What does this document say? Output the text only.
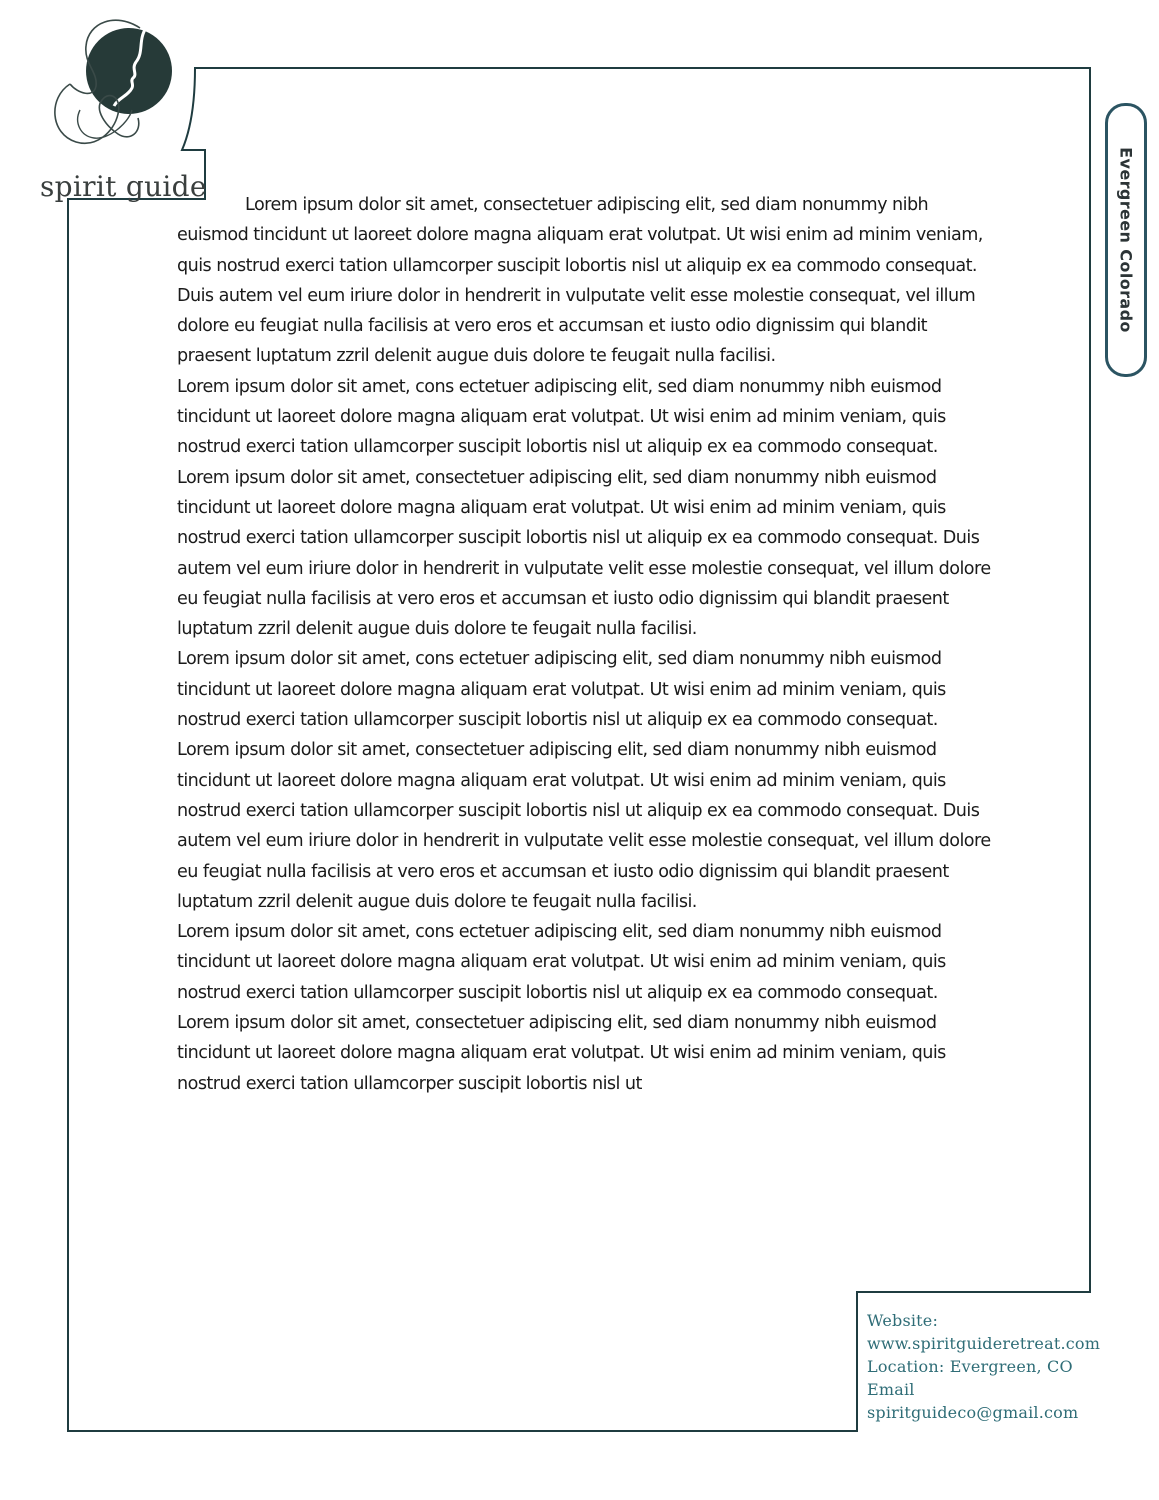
spirit guide	Evergreen Colorado

Lorem ipsum dolor sit amet, consectetuer adipiscing elit, sed diam nonummy nibh euismod tincidunt ut laoreet dolore magna aliquam erat volutpat. Ut wisi enim ad minim veniam, quis nostrud exerci tation ullamcorper suscipit lobortis nisl ut aliquip ex ea commodo consequat. Duis autem vel eum iriure dolor in hendrerit in vulputate velit esse molestie consequat, vel illum dolore eu feugiat nulla facilisis at vero eros et accumsan et iusto odio dignissim qui blandit praesent luptatum zzril delenit augue duis dolore te feugait nulla facilisi.

Lorem ipsum dolor sit amet, cons ectetuer adipiscing elit, sed diam nonummy nibh euismod tincidunt ut laoreet dolore magna aliquam erat volutpat. Ut wisi enim ad minim veniam, quis nostrud exerci tation ullamcorper suscipit lobortis nisl ut aliquip ex ea commodo consequat.

Lorem ipsum dolor sit amet, consectetuer adipiscing elit, sed diam nonummy nibh euismod tincidunt ut laoreet dolore magna aliquam erat volutpat. Ut wisi enim ad minim veniam, quis nostrud exerci tation ullamcorper suscipit lobortis nisl ut aliquip ex ea commodo consequat. Duis autem vel eum iriure dolor in hendrerit in vulputate velit esse molestie consequat, vel illum dolore eu feugiat nulla facilisis at vero eros et accumsan et iusto odio dignissim qui blandit praesent luptatum zzril delenit augue duis dolore te feugait nulla facilisi.

Lorem ipsum dolor sit amet, cons ectetuer adipiscing elit, sed diam nonummy nibh euismod tincidunt ut laoreet dolore magna aliquam erat volutpat. Ut wisi enim ad minim veniam, quis nostrud exerci tation ullamcorper suscipit lobortis nisl ut aliquip ex ea commodo consequat.

Lorem ipsum dolor sit amet, consectetuer adipiscing elit, sed diam nonummy nibh euismod tincidunt ut laoreet dolore magna aliquam erat volutpat. Ut wisi enim ad minim veniam, quis nostrud exerci tation ullamcorper suscipit lobortis nisl ut aliquip ex ea commodo consequat. Duis autem vel eum iriure dolor in hendrerit in vulputate velit esse molestie consequat, vel illum dolore eu feugiat nulla facilisis at vero eros et accumsan et iusto odio dignissim qui blandit praesent luptatum zzril delenit augue duis dolore te feugait nulla facilisi.

Lorem ipsum dolor sit amet, cons ectetuer adipiscing elit, sed diam nonummy nibh euismod tincidunt ut laoreet dolore magna aliquam erat volutpat. Ut wisi enim ad minim veniam, quis nostrud exerci tation ullamcorper suscipit lobortis nisl ut aliquip ex ea commodo consequat.

Lorem ipsum dolor sit amet, consectetuer adipiscing elit, sed diam nonummy nibh euismod tincidunt ut laoreet dolore magna aliquam erat volutpat. Ut wisi enim ad minim veniam, quis nostrud exerci tation ullamcorper suscipit lobortis nisl ut

Website:
www.spiritguideretreat.com
Location: Evergreen, CO
Email
spiritguideco@gmail.com
